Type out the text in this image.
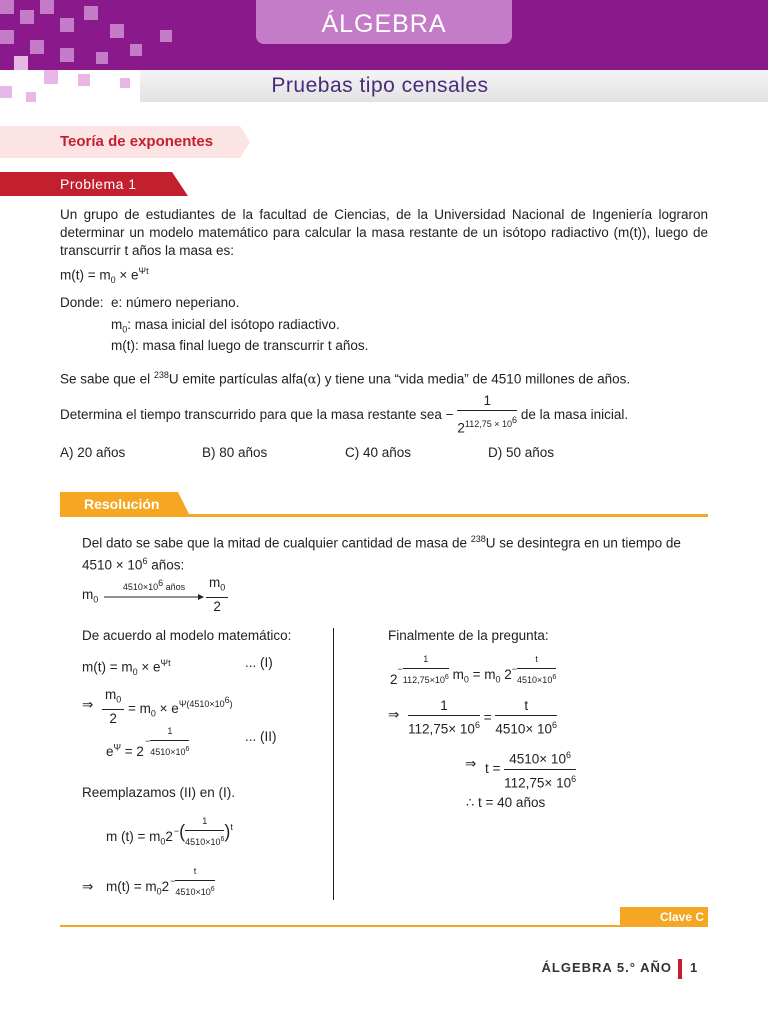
ÁLGEBRA
Pruebas tipo censales
Teoría de exponentes
Problema 1
Un grupo de estudiantes de la facultad de Ciencias, de la Universidad Nacional de Ingeniería lograron determinar un modelo matemático para calcular la masa restante de un isótopo radiactivo (m(t)), luego de transcurrir t años la masa es:
$m(t) = m_0 \times e^{\Psi t}$
Donde: e: número neperiano.
$m_0$: masa inicial del isótopo radiactivo.
m(t): masa final luego de transcurrir t años.
Se sabe que el $^{238}$U emite partículas alfa(α) y tiene una “vida media” de 4510 millones de años.
Determina el tiempo transcurrido para que la masa restante sea − $\frac{1}{2^{112,75 \times 10^6}}$ de la masa inicial.
A) 20 años	B) 80 años	C) 40 años	D) 50 años
Resolución
Del dato se sabe que la mitad de cualquier cantidad de masa de $^{238}$U se desintegra en un tiempo de
$4510 \times 10^6$ años:
$m_0$
$4510\times 10^6$ años	$\frac{m_0}{2}$
De acuerdo al modelo matemático:
$m(t) = m_0 \times e^{\Psi t}$	... (I)
⇒ $\frac{m_0}{2} = m_0 \times e^{\Psi(4510\times 10^6)}$
$e^\Psi = 2- \frac{1}{4510\times 10^6}$	... (II)
Reemplazamos (II) en (I).
m $(t) = m_02-( \frac{1}{4510\times 10^6} )^t$
⇒ $m(t) = m_02- \frac{t}{4510\times 10^6}$
Finalmente de la pregunta:
$2- \frac{1}{112,75\times 10^6} m_0 = m_0$ $2- \frac{t}{4510\times 10^6}$
⇒ $\frac{1}{112,75\times 10^6} = \frac{t}{4510\times 10^6}$
⇒ $t = \frac{4510\times 10^6}{112,75\times 10^6}$
∴ t = 40 años
Clave C
ÁLGEBRA 5.° AÑO 1
